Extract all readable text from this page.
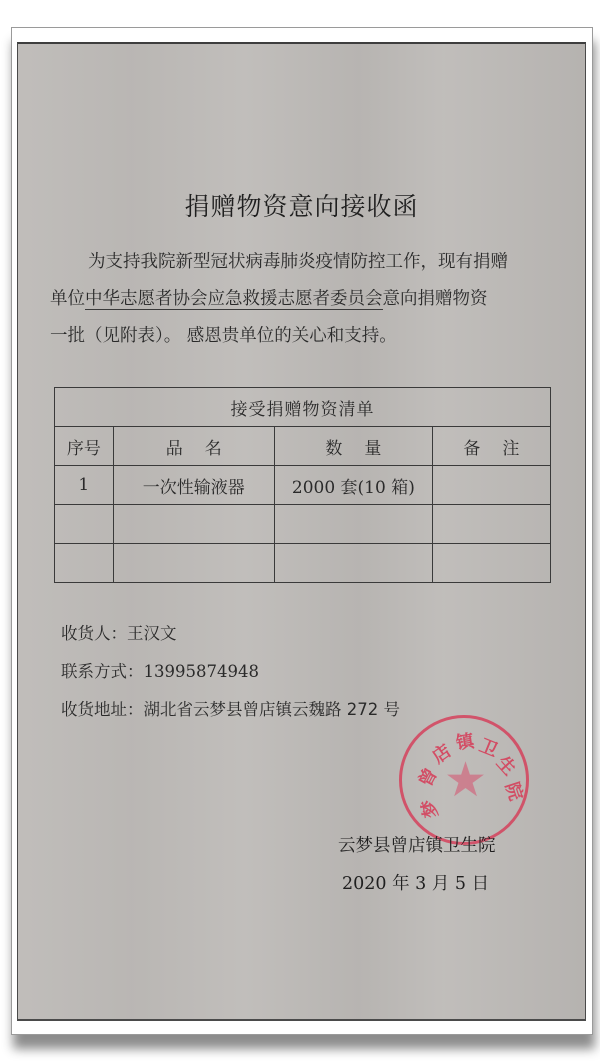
捐赠物资意向接收函
为支持我院新型冠状病毒肺炎疫情防控工作，现有捐赠
单位中华志愿者协会应急救援志愿者委员会意向捐赠物资
一批（见附表）。 感恩贵单位的关心和支持。
接受捐赠物资清单			
序号	品名	数量	备注
1	一次性输液器	2000 套(10 箱)	

收货人：王汉文
联系方式：13995874948
收货地址：湖北省云梦县曾店镇云魏路 272 号
曾
店 镇 卫
生
院
梦
★
云梦县曾店镇卫生院
2020 年 3 月 5 日
